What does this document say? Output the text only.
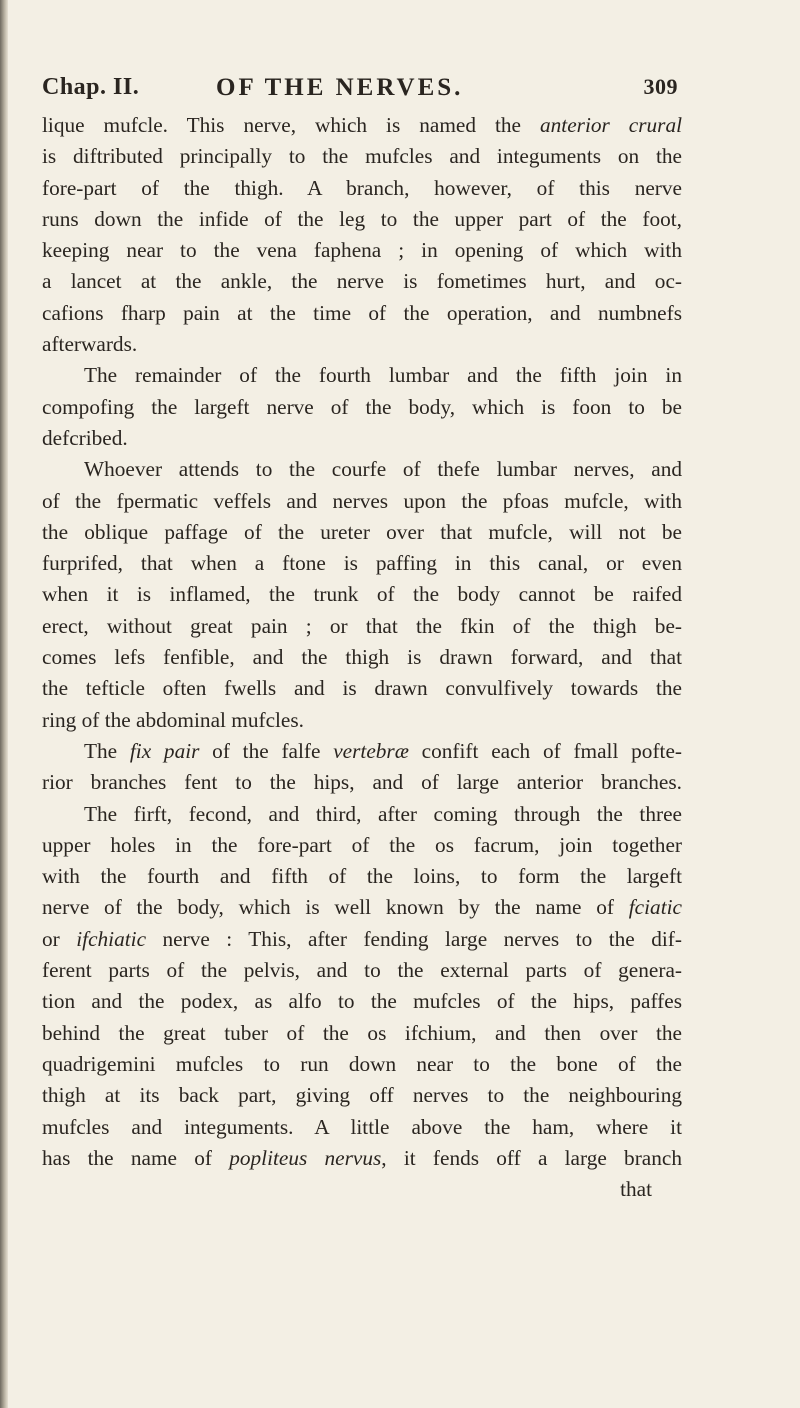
Chap. II.	OF THE NERVES.	309
lique mufcle. This nerve, which is named the anterior crural
is diftributed principally to the mufcles and integuments on the
fore-part of the thigh. A branch, however, of this nerve
runs down the infide of the leg to the upper part of the foot,
keeping near to the vena faphena ; in opening of which with
a lancet at the ankle, the nerve is fometimes hurt, and oc-
cafions fharp pain at the time of the operation, and numbnefs
afterwards.
The remainder of the fourth lumbar and the fifth join in
compofing the largeft nerve of the body, which is foon to be
defcribed.
Whoever attends to the courfe of thefe lumbar nerves, and
of the fpermatic veffels and nerves upon the pfoas mufcle, with
the oblique paffage of the ureter over that mufcle, will not be
furprifed, that when a ftone is paffing in this canal, or even
when it is inflamed, the trunk of the body cannot be raifed
erect, without great pain ; or that the fkin of the thigh be-
comes lefs fenfible, and the thigh is drawn forward, and that
the tefticle often fwells and is drawn convulfively towards the
ring of the abdominal mufcles.
The fix pair of the falfe vertebræ confift each of fmall pofte-
rior branches fent to the hips, and of large anterior branches.
The firft, fecond, and third, after coming through the three
upper holes in the fore-part of the os facrum, join together
with the fourth and fifth of the loins, to form the largeft
nerve of the body, which is well known by the name of fciatic
or ifchiatic nerve : This, after fending large nerves to the dif-
ferent parts of the pelvis, and to the external parts of genera-
tion and the podex, as alfo to the mufcles of the hips, paffes
behind the great tuber of the os ifchium, and then over the
quadrigemini mufcles to run down near to the bone of the
thigh at its back part, giving off nerves to the neighbouring
mufcles and integuments. A little above the ham, where it
has the name of popliteus nervus, it fends off a large branch
that
